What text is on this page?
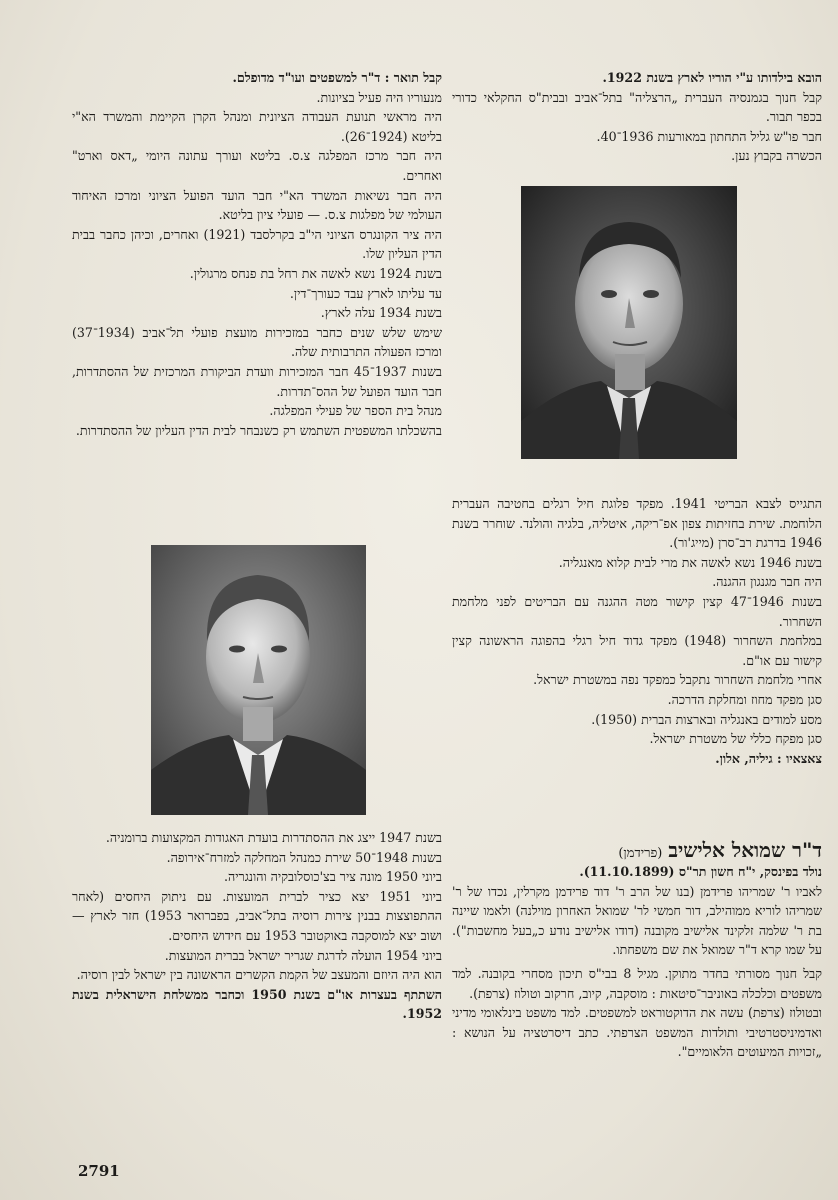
הובא בילדותו ע"י הוריו לארץ בשנת 1922.

קבל חנוך בגמנסיה העברית „הרצליה" בתל־אביב ובבית"ס החקלאי כדורי בכפר תבור.

חבר פו"ש גליל התחתון במאורעות 1936־40.

הכשרה בקבוץ נען.

התגייס לצבא הבריטי 1941. מפקד פלוגת חיל רגלים בחטיבה העברית הלוחמת. שירת בחזיתות צפון אפ־ריקה, איטליה, בלגיה והולנד. שוחרר בשנת 1946 בדרגת רב־סרן (מייג'ור).

בשנת 1946 נשא לאשה את מרי לבית קלוא מאנגליה.

היה חבר מגנגון ההגנה.

בשנות 1946־47 קצין קישור מטה ההגנה עם הבריטים לפני מלחמת השחרור.

במלחמת השחרור (1948) מפקד גדוד חיל רגלי בהפוגה הראשונה קצין קישור עם או"ם.

אחרי מלחמת השחרור נתקבל כמפקד נפה במשטרת ישראל.

סגן מפקד מחוז ומחלקת הדרכה.

מסע למודים באנגליה ובארצות הברית (1950).

סגן מפקח כללי של משטרת ישראל.

צאצאיו : גיליה, אלון.

ד"ר שמואל אלישיב(פרידמן)

נולד בפינסק, י"ח חשון תר"ס (11.10.1899).

לאביו ר' שמריהו פרידמן (בנו של הרב ר' דוד פרידמן מקרלין, נכדו של ר' שמריהו לוריא ממוהילב, דור חמשי לר' שמואל האחרון מוילנה) ולאמו שיינה בת ר' שלמה זלקינד אלישיב מקובנה (דודו אלישיב נודע כ„בעל מחשבות"). על שמו קרא ד"ר שמואל את שם משפחתו.

קבל חנוך מסורתי בחדר מתוקן. מגיל 8 בבי"ס תיכון מסחרי בקובנה. למד משפטים וכלכלה באוניבר־סיטאות : מוסקבה, קיוב, חרקוב וטולוז (צרפת).

ובטולוז (צרפת) עשה את הדוקטוראט למשפטים. למד משפט בינלאומי מדיני ואדמיניסטרטיבי ותולדות המשפט הצרפתי. כתב דיסרטציה על הנושא : „זכויות המיעוטים הלאומיים".

קבל תואר : ד"ר למשפטים ועו"ד מדופלם.

מנעוריו היה פעיל בציונות.

היה מראשי תנועת העבודה הציונית ומנהל הקרן הקיימת והמשרד הא"י בליטא (1924־26).

היה חבר מרכז המפלגה צ.ס. בליטא ועורך עתונה היומי „דאס וארט" ואחרים.

היה חבר נשיאות המשרד הא"י חבר הועד הפועל הציוני ומרכז האיחוד העולמי של מפלגות צ.ס. — פועלי ציון בליטא.

היה ציר הקונגרס הציוני הי"ב בקרלסבד (1921) ואחרים, וכיהן כחבר בבית הדין העליון שלו.

בשנת 1924 נשא לאשה את רחל בת פנחס מרגולין.

עד עליתו לארץ עבד כעורך־דין.

בשנת 1934 עלה לארץ.

שימש שלש שנים כחבר במזכירות מועצת פועלי תל־אביב (1934־37) ומרכז הפעולה התרבותית שלה.

בשנות 1937־45 חבר המזכירות וועדת הביקורת המרכזית של ההסתדרות, חבר הועד הפועל של ההס־תדרות.

מנהל בית הספר של פעילי המפלגה.

בהשכלתו המשפטית השתמש רק כשנבחר לבית הדין העליון של ההסתדרות.

בשנת 1947 ייצג את ההסתדרות בועדת האגודות המקצועות ברומניה.

בשנות 1948־50 שירת כמנהל המחלקה למזרח־אירופה.

ביוני 1950 מונה ציר בצ'כוסלובקיה והונגריה.

ביוני 1951 יצא כציר לברית המועצות. עם ניתוק היחסים (לאחר ההתפוצצות בבנין צירות רוסיה בתל־אביב, בפברואר 1953) חזר לארץ — ושוב יצא למוסקבה באוקטובר 1953 עם חידוש היחסים.

ביוני 1954 הועלה לדרגת שגריר ישראל בברית המועצות.

הוא היה היוזם והמעצב של הקמת הקשרים הראשונה בין ישראל לבין רוסיה.

השתתף בעצרות או"ם בשנת 1950 וכחבר ממשלחת הישראלית בשנת 1952.

2791
